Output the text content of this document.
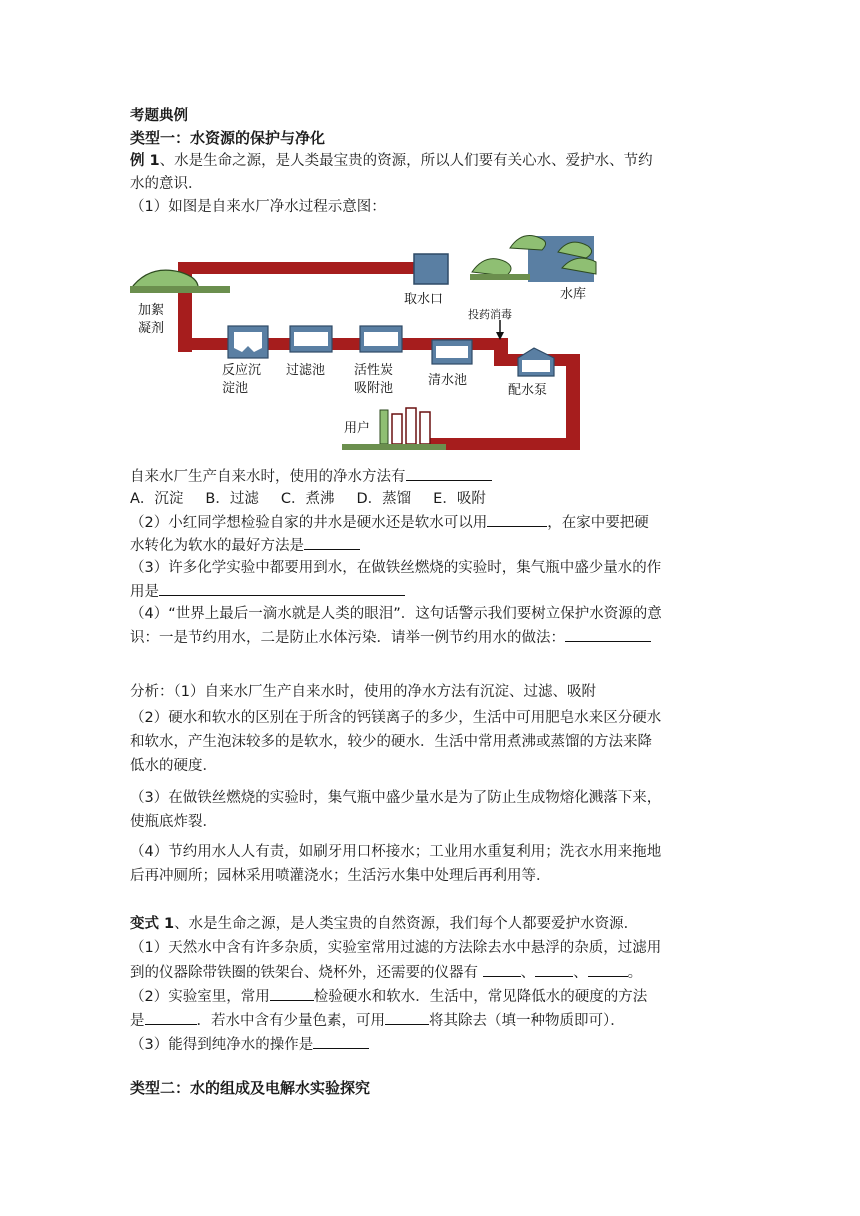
考题典例
类型一：水资源的保护与净化
例 1、水是生命之源，是人类最宝贵的资源，所以人们要有关心水、爱护水、节约
水的意识．
（1）如图是自来水厂净水过程示意图：
取水口	水库
加絮
凝剂
投药消毒
反应沉
淀池
过滤池 活性炭
吸附池
清水池
配水泵
用户
自来水厂生产自来水时，使用的净水方法有
A．沉淀 B．过滤 C．煮沸 D．蒸馏 E．吸附
（2）小红同学想检验自家的井水是硬水还是软水可以用	，在家中要把硬
水转化为软水的最好方法是
（3）许多化学实验中都要用到水，在做铁丝燃烧的实验时，集气瓶中盛少量水的作
用是
（4）“世界上最后一滴水就是人类的眼泪”．这句话警示我们要树立保护水资源的意
识：一是节约用水，二是防止水体污染．请举一例节约用水的做法：
分析：（1）自来水厂生产自来水时，使用的净水方法有沉淀、过滤、吸附
（2）硬水和软水的区别在于所含的钙镁离子的多少，生活中可用肥皂水来区分硬水
和软水，产生泡沫较多的是软水，较少的硬水．生活中常用煮沸或蒸馏的方法来降
低水的硬度．
（3）在做铁丝燃烧的实验时，集气瓶中盛少量水是为了防止生成物熔化溅落下来，
使瓶底炸裂．
（4）节约用水人人有责，如刷牙用口杯接水；工业用水重复利用；洗衣水用来拖地
后再冲厕所；园林采用喷灌浇水；生活污水集中处理后再利用等．
变式 1、水是生命之源，是人类宝贵的自然资源，我们每个人都要爱护水资源．
（1）天然水中含有许多杂质，实验室常用过滤的方法除去水中悬浮的杂质，过滤用
到的仪器除带铁圈的铁架台、烧杯外，还需要的仪器有	、	、	。
（2）实验室里，常用	检验硬水和软水．生活中，常见降低水的硬度的方法
是	．若水中含有少量色素，可用	将其除去（填一种物质即可）．
（3）能得到纯净水的操作是
类型二：水的组成及电解水实验探究
